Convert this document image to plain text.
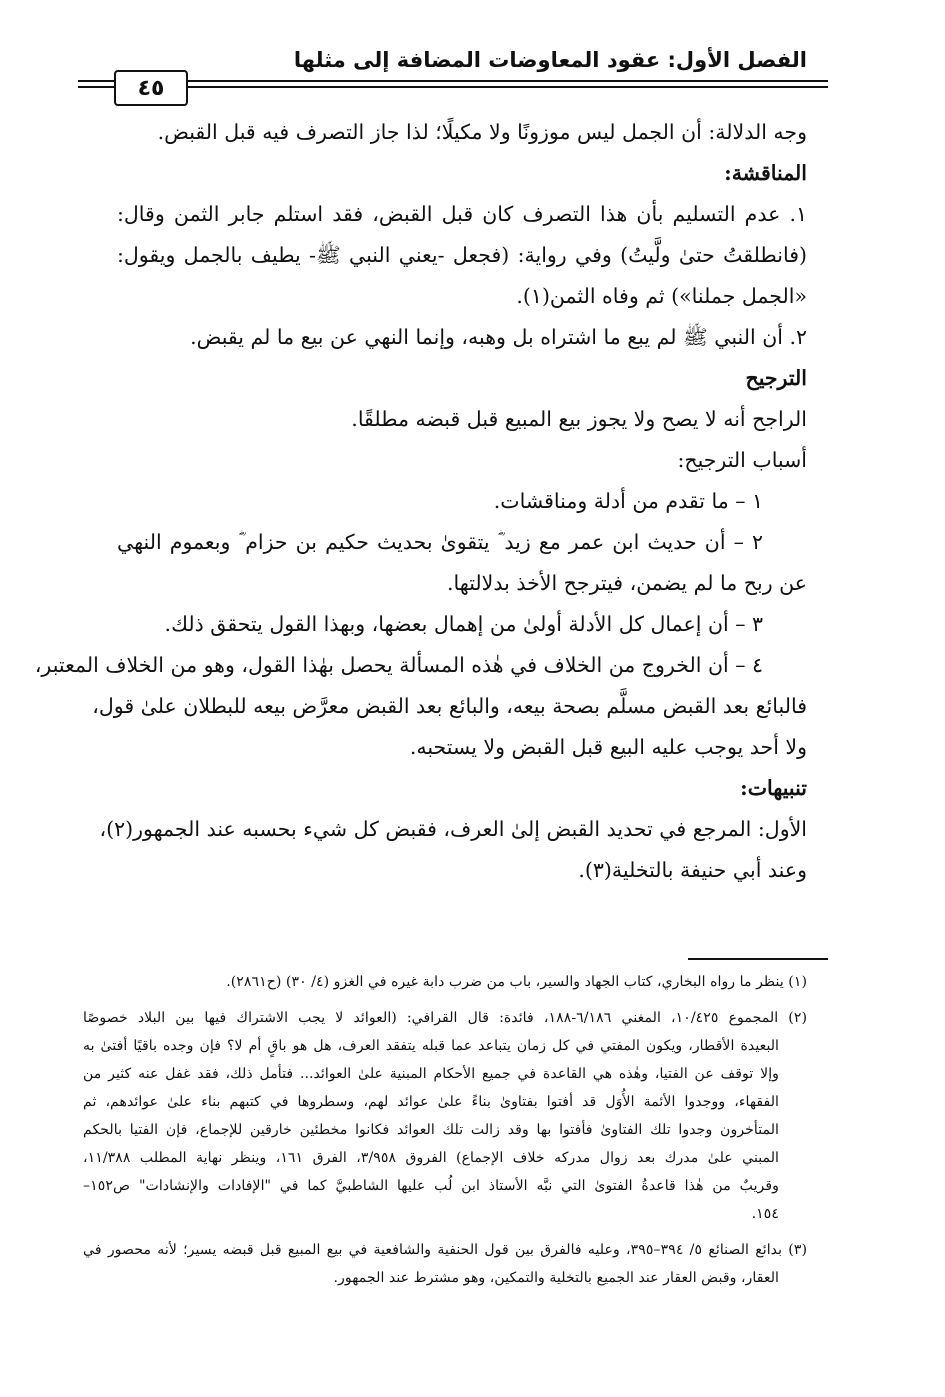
الفصل الأول: عقود المعاوضات المضافة إلى مثلها
٤٥
وجه الدلالة: أن الجمل ليس موزونًا ولا مكيلًا؛ لذا جاز التصرف فيه قبل القبض.
المناقشة:
١. عدم التسليم بأن هذا التصرف كان قبل القبض، فقد استلم جابر الثمن وقال:
(فانطلقتُ حتىٰ ولَّيتُ) وفي رواية: (فجعل -يعني النبي ﷺ- يطيف بالجمل ويقول:
«الجمل جملنا») ثم وفاه الثمن(١).
٢. أن النبي ﷺ لم يبع ما اشتراه بل وهبه، وإنما النهي عن بيع ما لم يقبض.
الترجيح
الراجح أنه لا يصح ولا يجوز بيع المبيع قبل قبضه مطلقًا.
أسباب الترجيح:
١ – ما تقدم من أدلة ومناقشات.
٢ – أن حديث ابن عمر مع زيد ؓ يتقوىٰ بحديث حكيم بن حزام ؓ وبعموم النهي
عن ربح ما لم يضمن، فيترجح الأخذ بدلالتها.
٣ – أن إعمال كل الأدلة أولىٰ من إهمال بعضها، وبهذا القول يتحقق ذلك.
٤ – أن الخروج من الخلاف في هٰذه المسألة يحصل بهٰذا القول، وهو من الخلاف المعتبر،
فالبائع بعد القبض مسلَّم بصحة بيعه، والبائع بعد القبض معرَّض بيعه للبطلان علىٰ قول،
ولا أحد يوجب عليه البيع قبل القبض ولا يستحبه.
تنبيهات:
الأول: المرجع في تحديد القبض إلىٰ العرف، فقبض كل شيء بحسبه عند الجمهور(٢)،
وعند أبي حنيفة بالتخلية(٣).
(١) ينظر ما رواه البخاري، كتاب الجهاد والسير، باب من ضرب دابة غيره في الغزو (٤/ ٣٠) (ح٢٨٦١).
(٢) المجموع ١٠/٤٢٥، المغني ٦/١٨٦-١٨٨، فائدة: قال القرافي: (العوائد لا يجب الاشتراك فيها بين البلاد خصوصًا
البعيدة الأقطار، ويكون المفتي في كل زمان يتباعد عما قبله يتفقد العرف، هل هو باقٍ أم لا؟ فإن وجده باقيًا أفتىٰ به
وإلا توقف عن الفتيا، وهٰذه هي القاعدة في جميع الأحكام المبنية علىٰ العوائد... فتأمل ذلك، فقد غفل عنه كثير من
الفقهاء، ووجدوا الأئمة الأُوَل قد أفتوا بفتاوىٰ بناءً علىٰ عوائد لهم، وسطروها في كتبهم بناء علىٰ عوائدهم، ثم
المتأخرون وجدوا تلك الفتاوىٰ فأفتوا بها وقد زالت تلك العوائد فكانوا مخطئين خارقين للإجماع، فإن الفتيا بالحكم
المبني علىٰ مدرك بعد زوال مدركه خلاف الإجماع) الفروق ٣/٩٥٨، الفرق ١٦١، وينظر نهاية المطلب ١١/٣٨٨،
وقريبٌ من هٰذا قاعدةُ الفتوىٰ التي نبَّه الأستاذ ابن لُب عليها الشاطبيَّ كما في "الإفادات والإنشادات" ص١٥٢–
١٥٤.
(٣) بدائع الصنائع ٥/ ٣٩٤–٣٩٥، وعليه فالفرق بين قول الحنفية والشافعية في بيع المبيع قبل قبضه يسير؛ لأنه محصور في
العقار، وقبض العقار عند الجميع بالتخلية والتمكين، وهو مشترط عند الجمهور.
